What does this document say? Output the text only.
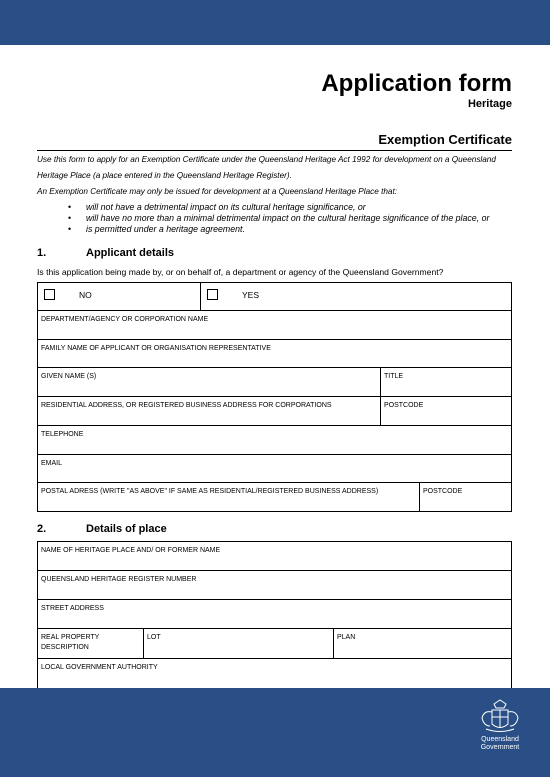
Application form
Heritage
Exemption Certificate
Use this form to apply for an Exemption Certificate under the Queensland Heritage Act 1992 for development on a Queensland Heritage Place (a place entered in the Queensland Heritage Register).
An Exemption Certificate may only be issued for development at a Queensland Heritage Place that:
• will not have a detrimental impact on its cultural heritage significance, or
• will have no more than a minimal detrimental impact on the cultural heritage significance of the place, or
• is permitted under a heritage agreement.
1.	Applicant details
Is this application being made by, or on behalf of, a department or agency of the Queensland Government?
NO	YES		
DEPARTMENT/AGENCY OR CORPORATION NAME			
FAMILY NAME OF APPLICANT OR ORGANISATION REPRESENTATIVE			
GIVEN NAME (S)		TITLE	
RESIDENTIAL ADDRESS, OR REGISTERED BUSINESS ADDRESS FOR CORPORATIONS		POSTCODE	
TELEPHONE			
EMAIL			
POSTAL ADRESS (WRITE "AS ABOVE" IF SAME AS RESIDENTIAL/REGISTERED BUSINESS ADDRESS)			POSTCODE
2.	Details of place
NAME OF HERITAGE PLACE AND/ OR FORMER NAME
QUEENSLAND HERITAGE REGISTER NUMBER
STREET ADDRESS
REAL PROPERTY DESCRIPTION	LOT	PLAN
LOCAL GOVERNMENT AUTHORITY
Queensland
Government
